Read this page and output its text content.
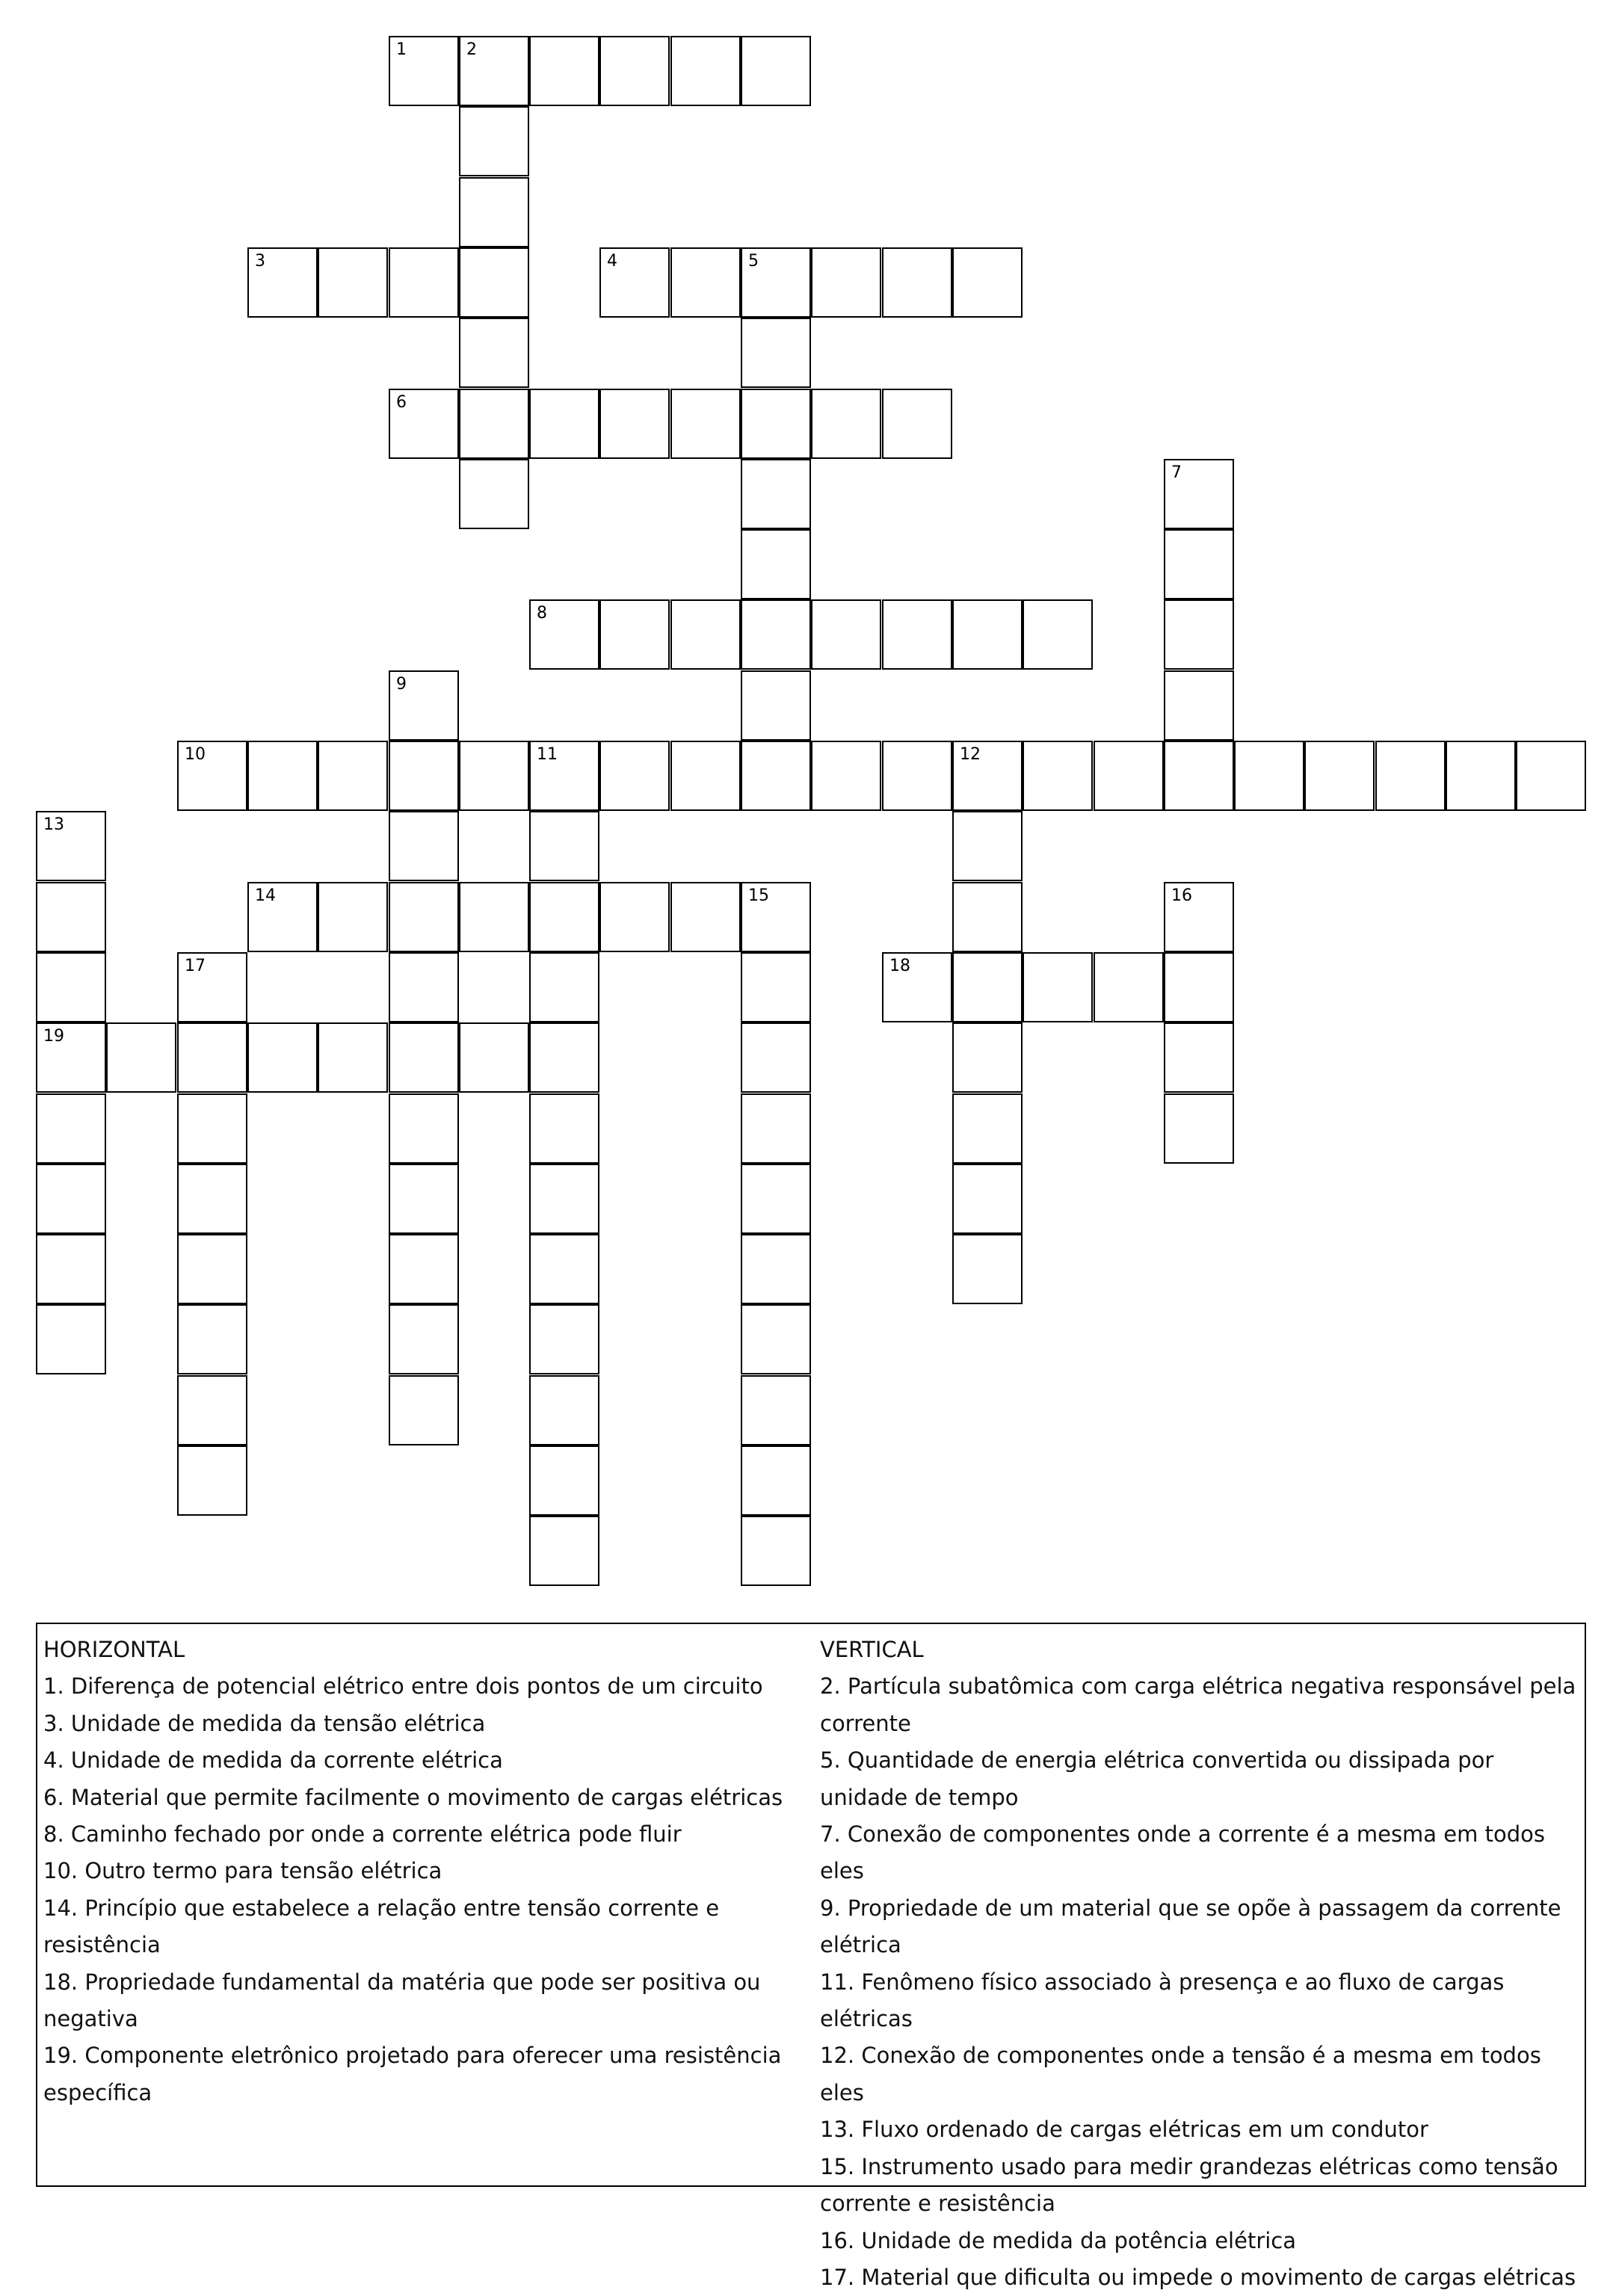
1	2
3	4	5
6
7
8
9
10	11	12
13
19
14	15	16
17	18

HORIZONTAL

1. Diferença de potencial elétrico entre dois pontos de um circuito

3. Unidade de medida da tensão elétrica

4. Unidade de medida da corrente elétrica

6. Material que permite facilmente o movimento de cargas elétricas

8. Caminho fechado por onde a corrente elétrica pode fluir

10. Outro termo para tensão elétrica

14. Princípio que estabelece a relação entre tensão corrente e resistência

18. Propriedade fundamental da matéria que pode ser positiva ou negativa

19. Componente eletrônico projetado para oferecer uma resistência específica

VERTICAL

2. Partícula subatômica com carga elétrica negativa responsável pela corrente

5. Quantidade de energia elétrica convertida ou dissipada por unidade de tempo

7. Conexão de componentes onde a corrente é a mesma em todos eles

9. Propriedade de um material que se opõe à passagem da corrente elétrica

11. Fenômeno físico associado à presença e ao fluxo de cargas elétricas

12. Conexão de componentes onde a tensão é a mesma em todos eles

13. Fluxo ordenado de cargas elétricas em um condutor

15. Instrumento usado para medir grandezas elétricas como tensão corrente e resistência

16. Unidade de medida da potência elétrica

17. Material que dificulta ou impede o movimento de cargas elétricas
